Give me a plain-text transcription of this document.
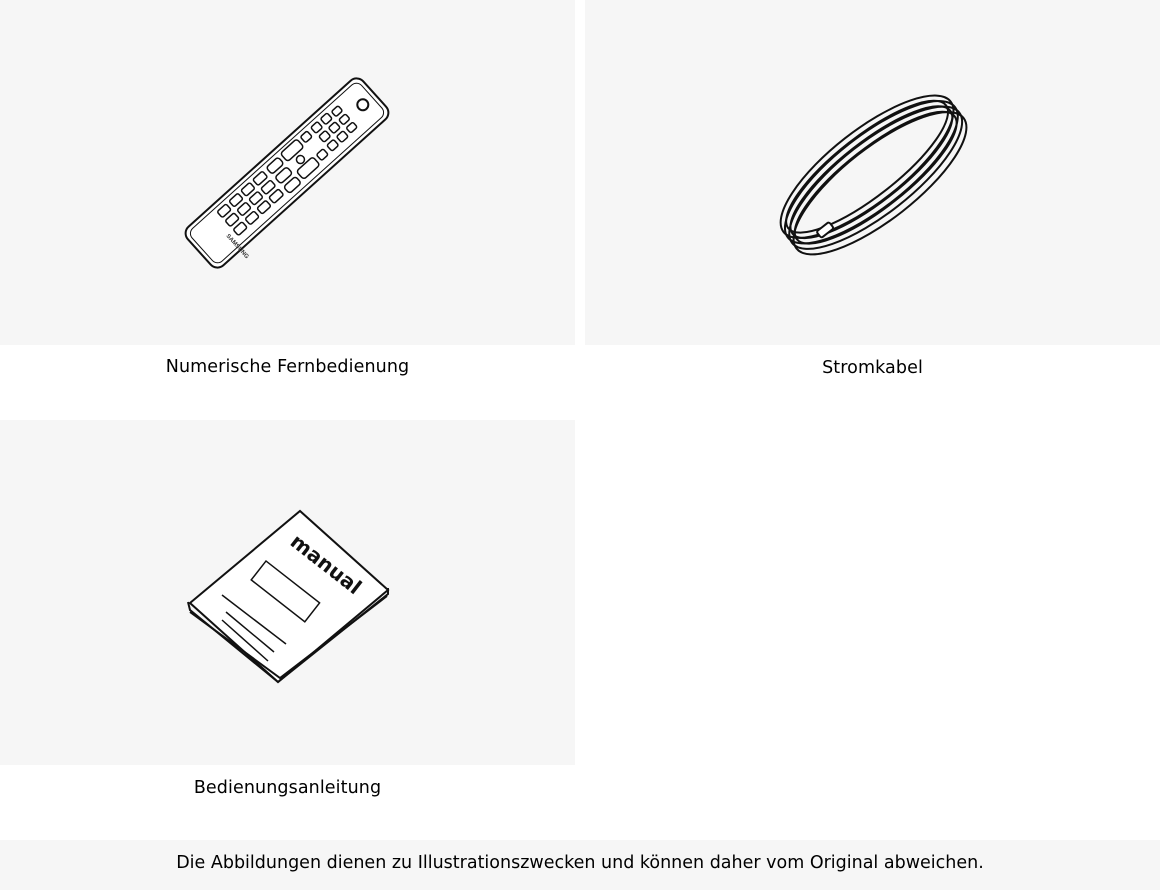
SAMSUNG
Numerische Fernbedienung	Stromkabel
manual
Bedienungsanleitung
Die Abbildungen dienen zu Illustrationszwecken und können daher vom Original abweichen.
